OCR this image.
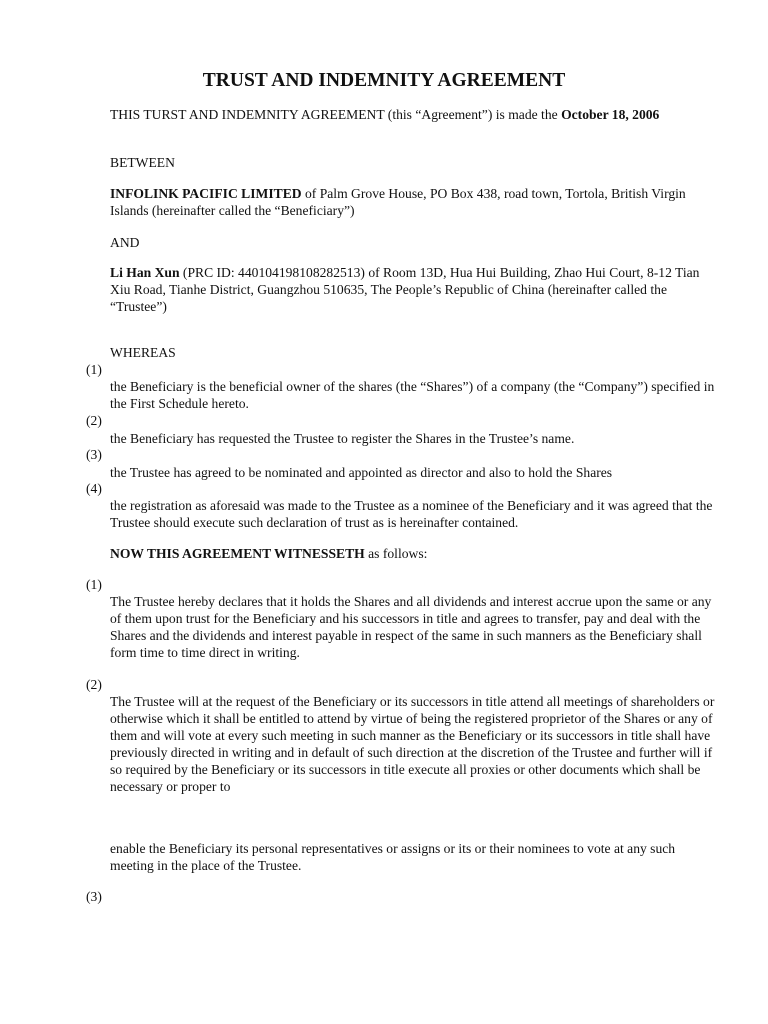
TRUST AND INDEMNITY AGREEMENT
THIS TURST AND INDEMNITY AGREEMENT (this “Agreement”) is made the October 18, 2006
BETWEEN
INFOLINK PACIFIC LIMITED of Palm Grove House, PO Box 438, road town, Tortola, British Virgin Islands (hereinafter called the “Beneficiary”)
AND
Li Han Xun (PRC ID: 440104198108282513) of Room 13D, Hua Hui Building, Zhao Hui Court, 8-12 Tian Xiu Road, Tianhe District, Guangzhou 510635, The People’s Republic of China (hereinafter called the “Trustee”)
WHEREAS
(1)
the Beneficiary is the beneficial owner of the shares (the “Shares”) of a company (the “Company”) specified in the First Schedule hereto.
(2)
the Beneficiary has requested the Trustee to register the Shares in the Trustee’s name.
(3)
the Trustee has agreed to be nominated and appointed as director and also to hold the Shares
(4)
the registration as aforesaid was made to the Trustee as a nominee of the Beneficiary and it was agreed that the Trustee should execute such declaration of trust as is hereinafter contained.
NOW THIS AGREEMENT WITNESSETH as follows:
(1)
The Trustee hereby declares that it holds the Shares and all dividends and interest accrue upon the same or any of them upon trust for the Beneficiary and his successors in title and agrees to transfer, pay and deal with the Shares and the dividends and interest payable in respect of the same in such manners as the Beneficiary shall form time to time direct in writing.
(2)
The Trustee will at the request of the Beneficiary or its successors in title attend all meetings of shareholders or otherwise which it shall be entitled to attend by virtue of being the registered proprietor of the Shares or any of them and will vote at every such meeting in such manner as the Beneficiary or its successors in title shall have previously directed in writing and in default of such direction at the discretion of the Trustee and further will if so required by the Beneficiary or its successors in title execute all proxies or other documents which shall be necessary or proper to
enable the Beneficiary its personal representatives or assigns or its or their nominees to vote at any such meeting in the place of the Trustee.
(3)
